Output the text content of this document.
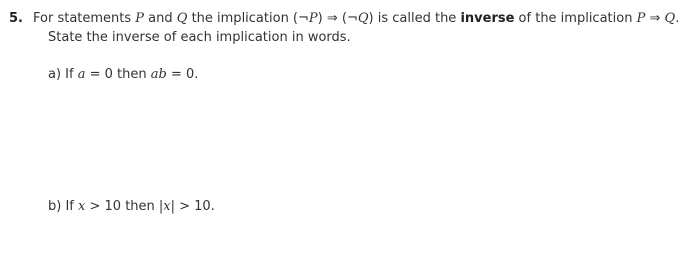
5. For statements P and Q the implication (¬P) ⇒ (¬Q) is called the inverse of the implication P ⇒ Q.
State the inverse of each implication in words.
a) If a = 0 then ab = 0.
b) If x > 10 then |x| > 10.
